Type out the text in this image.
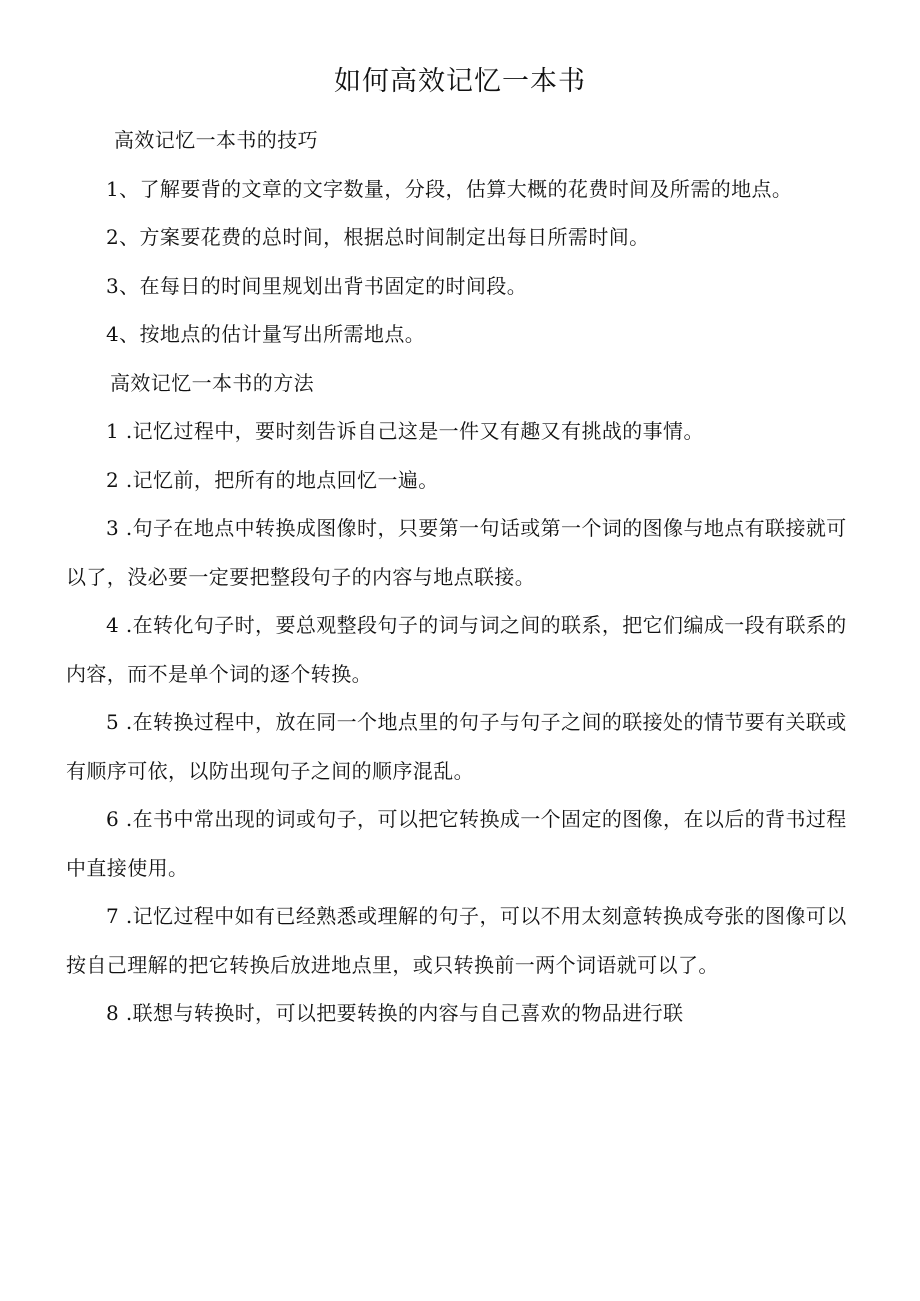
如何高效记忆一本书

高效记忆一本书的技巧

1、了解要背的文章的文字数量，分段，估算大概的花费时间及所需的地点。

2、方案要花费的总时间，根据总时间制定出每日所需时间。

3、在每日的时间里规划出背书固定的时间段。

4、按地点的估计量写出所需地点。

高效记忆一本书的方法

1 .记忆过程中，要时刻告诉自己这是一件又有趣又有挑战的事情。

2 .记忆前，把所有的地点回忆一遍。

3 .句子在地点中转换成图像时，只要第一句话或第一个词的图像与地点有联接就可以了，没必要一定要把整段句子的内容与地点联接。

4 .在转化句子时，要总观整段句子的词与词之间的联系，把它们编成一段有联系的内容，而不是单个词的逐个转换。

5 .在转换过程中，放在同一个地点里的句子与句子之间的联接处的情节要有关联或有顺序可依，以防出现句子之间的顺序混乱。

6 .在书中常出现的词或句子，可以把它转换成一个固定的图像，在以后的背书过程中直接使用。

7 .记忆过程中如有已经熟悉或理解的句子，可以不用太刻意转换成夸张的图像可以按自己理解的把它转换后放进地点里，或只转换前一两个词语就可以了。

8 .联想与转换时，可以把要转换的内容与自己喜欢的物品进行联
